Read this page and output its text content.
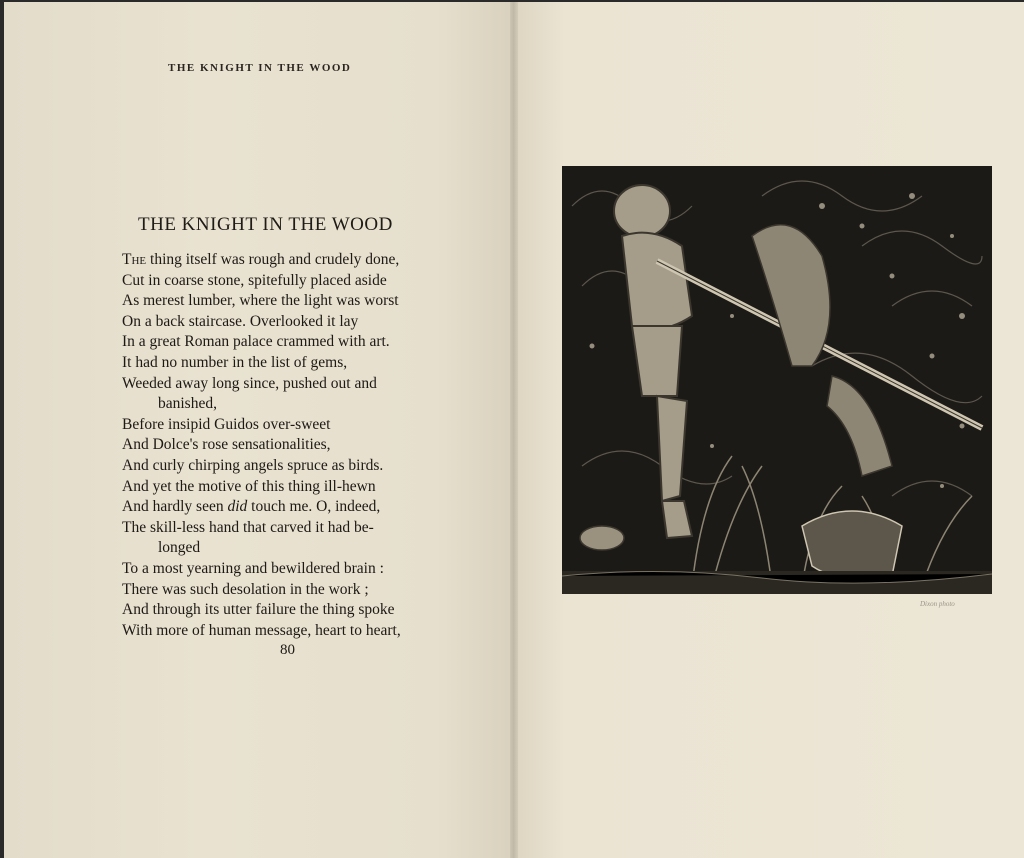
THE KNIGHT IN THE WOOD
THE KNIGHT IN THE WOOD
The thing itself was rough and crudely done,
Cut in coarse stone, spitefully placed aside
As merest lumber, where the light was worst
On a back staircase. Overlooked it lay
In a great Roman palace crammed with art.
It had no number in the list of gems,
Weeded away long since, pushed out and
banished,
Before insipid Guidos over-sweet
And Dolce's rose sensationalities,
And curly chirping angels spruce as birds.
And yet the motive of this thing ill-hewn
And hardly seen did touch me. O, indeed,
The skill-less hand that carved it had be-
longed
To a most yearning and bewildered brain :
There was such desolation in the work ;
And through its utter failure the thing spoke
With more of human message, heart to heart,
80
Dixon photo
